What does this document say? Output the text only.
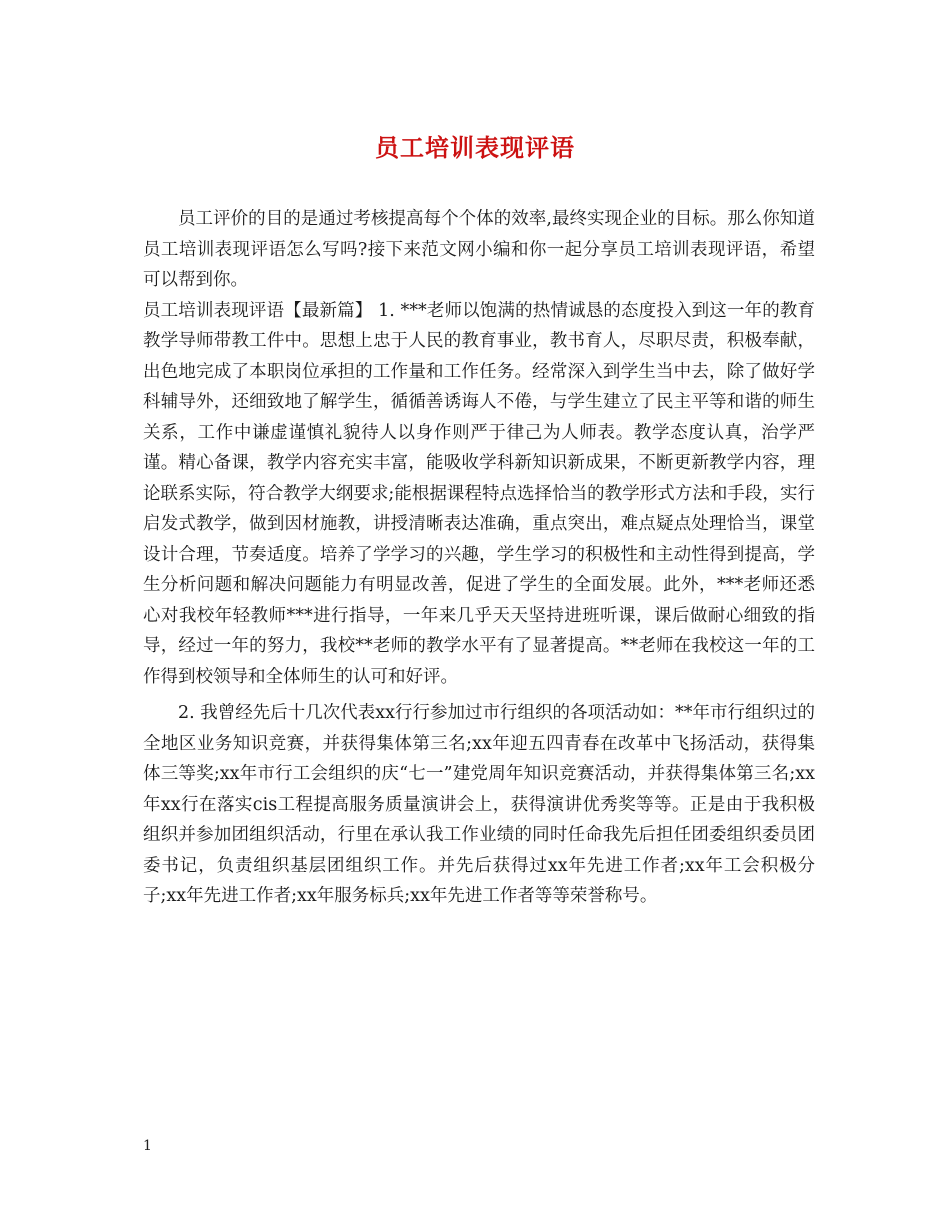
员工培训表现评语

员工评价的目的是通过考核提高每个个体的效率,最终实现企业的目标。那么你知道员工培训表现评语怎么写吗?接下来范文网小编和你一起分享员工培训表现评语，希望可以帮到你。

员工培训表现评语【最新篇】 1. ***老师以饱满的热情诚恳的态度投入到这一年的教育教学导师带教工件中。思想上忠于人民的教育事业，教书育人，尽职尽责，积极奉献，出色地完成了本职岗位承担的工作量和工作任务。经常深入到学生当中去，除了做好学科辅导外，还细致地了解学生，循循善诱诲人不倦，与学生建立了民主平等和谐的师生关系，工作中谦虚谨慎礼貌待人以身作则严于律己为人师表。教学态度认真，治学严谨。精心备课，教学内容充实丰富，能吸收学科新知识新成果，不断更新教学内容，理论联系实际，符合教学大纲要求;能根据课程特点选择恰当的教学形式方法和手段，实行启发式教学，做到因材施教，讲授清晰表达准确，重点突出，难点疑点处理恰当，课堂设计合理，节奏适度。培养了学学习的兴趣，学生学习的积极性和主动性得到提高，学生分析问题和解决问题能力有明显改善，促进了学生的全面发展。此外，***老师还悉心对我校年轻教师***进行指导，一年来几乎天天坚持进班听课，课后做耐心细致的指导，经过一年的努力，我校**老师的教学水平有了显著提高。**老师在我校这一年的工作得到校领导和全体师生的认可和好评。

2. 我曾经先后十几次代表xx行行参加过市行组织的各项活动如：**年市行组织过的全地区业务知识竞赛，并获得集体第三名;xx年迎五四青春在改革中飞扬活动，获得集体三等奖;xx年市行工会组织的庆“七一”建党周年知识竞赛活动，并获得集体第三名;xx年xx行在落实cis工程提高服务质量演讲会上，获得演讲优秀奖等等。正是由于我积极组织并参加团组织活动，行里在承认我工作业绩的同时任命我先后担任团委组织委员团委书记，负责组织基层团组织工作。并先后获得过xx年先进工作者;xx年工会积极分子;xx年先进工作者;xx年服务标兵;xx年先进工作者等等荣誉称号。

1
